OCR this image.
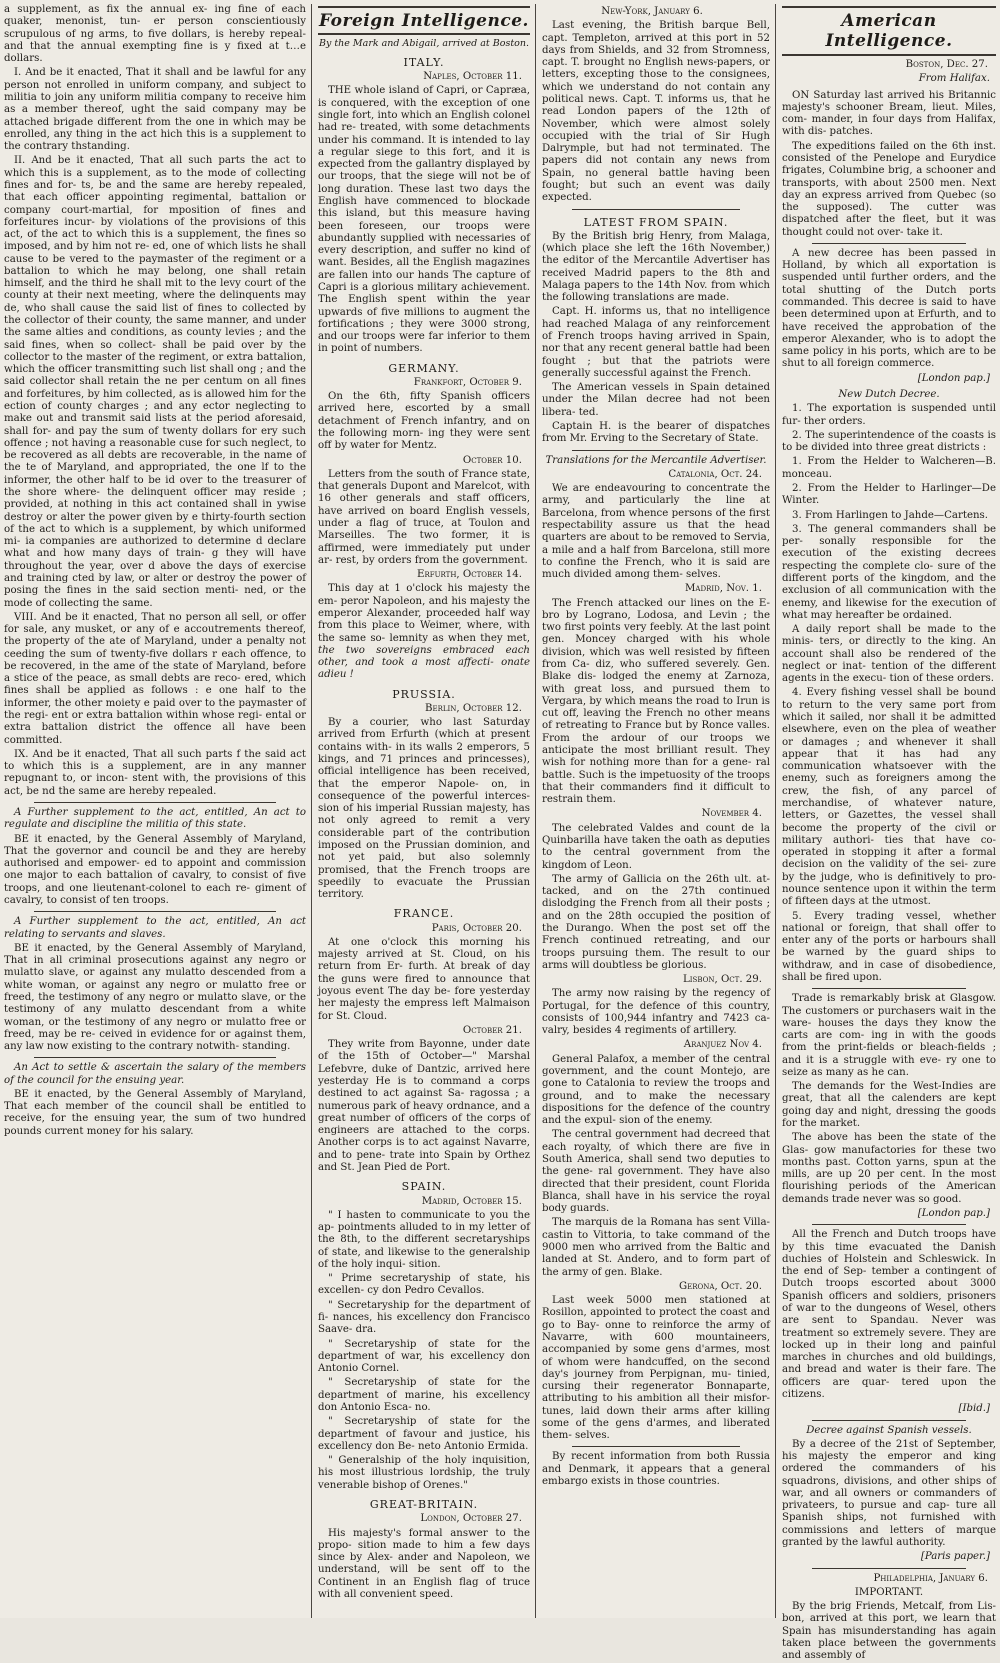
a supplement, as fix the annual ex- ing fine of each quaker, menonist, tun- er person conscientiously scrupulous of ng arms, to five dollars, is hereby repeal- and that the annual exempting fine is y fixed at t…e dollars.

I. And be it enacted, That it shall and be lawful for any person not enrolled in uniform company, and subject to militia to join any uniform militia company to receive him as a member thereof, ught the said company may be attached brigade different from the one in which may be enrolled, any thing in the act hich this is a supplement to the contrary thstanding.

II. And be it enacted, That all such parts the act to which this is a supplement, as to the mode of collecting fines and for- ts, be and the same are hereby repealed, that each officer appointing regimental, battalion or company court-martial, for mposition of fines and forfeitures incur- by violations of the provisions of this act, of the act to which this is a supplement, the fines so imposed, and by him not re- ed, one of which lists he shall cause to be vered to the paymaster of the regiment or a battalion to which he may belong, one shall retain himself, and the third he shall mit to the levy court of the county at their next meeting, where the delinquents may de, who shall cause the said list of fines to collected by the collector of their county, the same manner, and under the same alties and conditions, as county levies ; and the said fines, when so collect- shall be paid over by the collector to the master of the regiment, or extra battalion, which the officer transmitting such list shall ong ; and the said collector shall retain the ne per centum on all fines and forfeitures, by him collected, as is allowed him for the ection of county charges ; and any ector neglecting to make out and transmit said lists at the period aforesaid, shall for- and pay the sum of twenty dollars for ery such offence ; not having a reasonable cuse for such neglect, to be recovered as all debts are recoverable, in the name of the te of Maryland, and appropriated, the one lf to the informer, the other half to be id over to the treasurer of the shore where- the delinquent officer may reside ; provided, at nothing in this act contained shall in ywise destroy or alter the power given by e thirty-fourth section of the act to which is a supplement, by which uniformed mi- ia companies are authorized to determine d declare what and how many days of train- g they will have throughout the year, over d above the days of exercise and training cted by law, or alter or destroy the power of posing the fines in the said section menti- ned, or the mode of collecting the same.

VIII. And be it enacted, That no person all sell, or offer for sale, any musket, or any of e accoutrements thereof, the property of the ate of Maryland, under a penalty not ceeding the sum of twenty-five dollars r each offence, to be recovered, in the ame of the state of Maryland, before a stice of the peace, as small debts are reco- ered, which fines shall be applied as follows : e one half to the informer, the other moiety e paid over to the paymaster of the regi- ent or extra battalion within whose regi- ental or extra battalion district the offence all have been committed.

IX. And be it enacted, That all such parts f the said act to which this is a supplement, are in any manner repugnant to, or incon- stent with, the provisions of this act, be nd the same are hereby repealed.

A Further supplement to the act, entitled, An act to regulate and discipline the militia of this state.

BE it enacted, by the General Assembly of Maryland, That the governor and council be and they are hereby authorised and empower- ed to appoint and commission one major to each battalion of cavalry, to consist of five troops, and one lieutenant-colonel to each re- giment of cavalry, to consist of ten troops.

A Further supplement to the act, entitled, An act relating to servants and slaves.

BE it enacted, by the General Assembly of Maryland, That in all criminal prosecutions against any negro or mulatto slave, or against any mulatto descended from a white woman, or against any negro or mulatto free or freed, the testimony of any negro or mulatto slave, or the testimony of any mulatto descendant from a white woman, or the testimony of any negro or mulatto free or freed, may be re- ceived in evidence for or against them, any law now existing to the contrary notwith- standing.

An Act to settle & ascertain the salary of the members of the council for the ensuing year.

BE it enacted, by the General Assembly of Maryland, That each member of the council shall be entitled to receive, for the ensuing year, the sum of two hundred pounds current money for his salary.

Foreign Intelligence.
By the Mark and Abigail, arrived at Boston.
ITALY.
Naples, October 11.

THE whole island of Capri, or Capræa, is conquered, with the exception of one single fort, into which an English colonel had re- treated, with some detachments under his command. It is intended to lay a regular siege to this fort, and it is expected from the gallantry displayed by our troops, that the siege will not be of long duration. These last two days the English have commenced to blockade this island, but this measure having been foreseen, our troops were abundantly supplied with necessaries of every description, and suffer no kind of want. Besides, all the English magazines are fallen into our hands The capture of Capri is a glorious military achievement. The English spent within the year upwards of five millions to augment the fortifications ; they were 3000 strong, and our troops were far inferior to them in point of numbers.

GERMANY.
Frankfort, October 9.

On the 6th, fifty Spanish officers arrived here, escorted by a small detachment of French infantry, and on the following morn- ing they were sent off by water for Mentz.

October 10.

Letters from the south of France state, that generals Dupont and Marelcot, with 16 other generals and staff officers, have arrived on board English vessels, under a flag of truce, at Toulon and Marseilles. The two former, it is affirmed, were immediately put under ar- rest, by orders from the government.

Erfurth, October 14.

This day at 1 o'clock his majesty the em- peror Napoleon, and his majesty the emperor Alexander, proceeded half way from this place to Weimer, where, with the same so- lemnity as when they met, the two sovereigns embraced each other, and took a most affecti- onate adieu !

PRUSSIA.
Berlin, October 12.

By a courier, who last Saturday arrived from Erfurth (which at present contains with- in its walls 2 emperors, 5 kings, and 71 princes and princesses), official intelligence has been received, that the emperor Napole- on, in consequence of the powerful interces- sion of his imperial Russian majesty, has not only agreed to remit a very considerable part of the contribution imposed on the Prussian dominion, and not yet paid, but also solemnly promised, that the French troops are speedily to evacuate the Prussian territory.

FRANCE.
Paris, October 20.

At one o'clock this morning his majesty arrived at St. Cloud, on his return from Er- furth. At break of day the guns were fired to announce that joyous event The day be- fore yesterday her majesty the empress left Malmaison for St. Cloud.

October 21.

They write from Bayonne, under date of the 15th of October—" Marshal Lefebvre, duke of Dantzic, arrived here yesterday He is to command a corps destined to act against Sa- ragossa ; a numerous park of heavy ordnance, and a great number of officers of the corps of engineers are attached to the corps. Another corps is to act against Navarre, and to pene- trate into Spain by Orthez and St. Jean Pied de Port.

SPAIN.
Madrid, October 15.

" I hasten to communicate to you the ap- pointments alluded to in my letter of the 8th, to the different secretaryships of state, and likewise to the generalship of the holy inqui- sition.

" Prime secretaryship of state, his excellen- cy don Pedro Cevallos.

" Secretaryship for the department of fi- nances, his excellency don Francisco Saave- dra.

" Secretaryship of state for the department of war, his excellency don Antonio Cornel.

" Secretaryship of state for the department of marine, his excellency don Antonio Esca- no.

" Secretaryship of state for the department of favour and justice, his excellency don Be- neto Antonio Ermida.

" Generalship of the holy inquisition, his most illustrious lordship, the truly venerable bishop of Orenes."

GREAT-BRITAIN.
London, October 27.

His majesty's formal answer to the propo- sition made to him a few days since by Alex- ander and Napoleon, we understand, will be sent off to the Continent in an English flag of truce with all convenient speed.

New-York, January 6.

Last evening, the British barque Bell, capt. Templeton, arrived at this port in 52 days from Shields, and 32 from Stromness, capt. T. brought no English news-papers, or letters, excepting those to the consignees, which we understand do not contain any political news. Capt. T. informs us, that he read London papers of the 12th of November, which were almost solely occupied with the trial of Sir Hugh Dalrymple, but had not terminated. The papers did not contain any news from Spain, no general battle having been fought; but such an event was daily expected.

LATEST FROM SPAIN.

By the British brig Henry, from Malaga, (which place she left the 16th November,) the editor of the Mercantile Advertiser has received Madrid papers to the 8th and Malaga papers to the 14th Nov. from which the following translations are made.

Capt. H. informs us, that no intelligence had reached Malaga of any reinforcement of French troops having arrived in Spain, nor that any recent general battle had been fought ; but that the patriots were generally successful against the French.

The American vessels in Spain detained under the Milan decree had not been libera- ted.

Captain H. is the bearer of dispatches from Mr. Erving to the Secretary of State.

Translations for the Mercantile Advertiser.
Catalonia, Oct. 24.

We are endeavouring to concentrate the army, and particularly the line at Barcelona, from whence persons of the first respectability assure us that the head quarters are about to be removed to Servia, a mile and a half from Barcelona, still more to confine the French, who it is said are much divided among them- selves.

Madrid, Nov. 1.

The French attacked our lines on the E- bro by Lograno, Lodosa, and Levin ; the two first points very feebly. At the last point gen. Moncey charged with his whole division, which was well resisted by fifteen from Ca- diz, who suffered severely. Gen. Blake dis- lodged the enemy at Zarnoza, with great loss, and pursued them to Vergara, by which means the road to Irun is cut off, leaving the French no other means of retreating to France but by Ronce valles. From the ardour of our troops we anticipate the most brilliant result. They wish for nothing more than for a gene- ral battle. Such is the impetuosity of the troops that their commanders find it difficult to restrain them.

November 4.

The celebrated Valdes and count de la Quinbarilla have taken the oath as deputies to the central government from the kingdom of Leon.

The army of Gallicia on the 26th ult. at- tacked, and on the 27th continued dislodging the French from all their posts ; and on the 28th occupied the position of the Durango. When the post set off the French continued retreating, and our troops pursuing them. The result to our arms will doubtless be glorious.

Lisbon, Oct. 29.

The army now raising by the regency of Portugal, for the defence of this country, consists of 100,944 infantry and 7423 ca- valry, besides 4 regiments of artillery.

Aranjuez Nov 4.

General Palafox, a member of the central government, and the count Montejo, are gone to Catalonia to review the troops and ground, and to make the necessary dispositions for the defence of the country and the expul- sion of the enemy.

The central government had decreed that each royalty, of which there are five in South America, shall send two deputies to the gene- ral government. They have also directed that their president, count Florida Blanca, shall have in his service the royal body guards.

The marquis de la Romana has sent Villa- castin to Vittoria, to take command of the 9000 men who arrived from the Baltic and landed at St. Andero, and to form part of the army of gen. Blake.

Gerona, Oct. 20.

Last week 5000 men stationed at Rosillon, appointed to protect the coast and go to Bay- onne to reinforce the army of Navarre, with 600 mountaineers, accompanied by some gens d'armes, most of whom were handcuffed, on the second day's journey from Perpignan, mu- tinied, cursing their regenerator Bonnaparte, attributing to his ambition all their misfor- tunes, laid down their arms after killing some of the gens d'armes, and liberated them- selves.

By recent information from both Russia and Denmark, it appears that a general embargo exists in those countries.

American Intelligence.
Boston, Dec. 27.
From Halifax.

ON Saturday last arrived his Britannic majesty's schooner Bream, lieut. Miles, com- mander, in four days from Halifax, with dis- patches.

The expeditions failed on the 6th inst. consisted of the Penelope and Eurydice frigates, Columbine brig, a schooner and transports, with about 2500 men. Next day an express arrived from Quebec (so the supposed). The cutter was dispatched after the fleet, but it was thought could not over- take it.

A new decree has been passed in Holland, by which all exportation is suspended until further orders, and the total shutting of the Dutch ports commanded. This decree is said to have been determined upon at Erfurth, and to have received the approbation of the emperor Alexander, who is to adopt the same policy in his ports, which are to be shut to all foreign commerce.

[London pap.]
New Dutch Decree.

1. The exportation is suspended until fur- ther orders.

2. The superintendence of the coasts is to be divided into three great districts :

1. From the Helder to Walcheren—B. monceau.

2. From the Helder to Harlinger—De Winter.

3. From Harlingen to Jahde—Cartens.

3. The general commanders shall be per- sonally responsible for the execution of the existing decrees respecting the complete clo- sure of the different ports of the kingdom, and the exclusion of all communication with the enemy, and likewise for the execution of what may hereafter be ordained.

A daily report shall be made to the minis- ters, or directly to the king. An account shall also be rendered of the neglect or inat- tention of the different agents in the execu- tion of these orders.

4. Every fishing vessel shall be bound to return to the very same port from which it sailed, nor shall it be admitted elsewhere, even on the plea of weather or damages ; and whenever it shall appear that it has had any communication whatsoever with the enemy, such as foreigners among the crew, the fish, of any parcel of merchandise, of whatever nature, letters, or Gazettes, the vessel shall become the property of the civil or military authori- ties that have co-operated in stopping it after a formal decision on the validity of the sei- zure by the judge, who is definitively to pro- nounce sentence upon it within the term of fifteen days at the utmost.

5. Every trading vessel, whether national or foreign, that shall offer to enter any of the ports or harbours shall be warned by the guard ships to withdraw, and in case of disobedience, shall be fired upon.

Trade is remarkably brisk at Glasgow. The customers or purchasers wait in the ware- houses the days they know the carts are com- ing in with the goods from the print-fields or bleach-fields ; and it is a struggle with eve- ry one to seize as many as he can.

The demands for the West-Indies are great, that all the calenders are kept going day and night, dressing the goods for the market.

The above has been the state of the Glas- gow manufactories for these two months past. Cotton yarns, spun at the mills, are up 20 per cent. In the most flourishing periods of the American demands trade never was so good.

[London pap.]

All the French and Dutch troops have by this time evacuated the Danish duchies of Holstein and Schleswick. In the end of Sep- tember a contingent of Dutch troops escorted about 3000 Spanish officers and soldiers, prisoners of war to the dungeons of Wesel, others are sent to Spandau. Never was treatment so extremely severe. They are locked up in their long and painful marches in churches and old buildings, and bread and water is their fare. The officers are quar- tered upon the citizens.

[Ibid.]
Decree against Spanish vessels.

By a decree of the 21st of September, his majesty the emperor and king ordered the commanders of his squadrons, divisions, and other ships of war, and all owners or commanders of privateers, to pursue and cap- ture all Spanish ships, not furnished with commissions and letters of marque granted by the lawful authority.

[Paris paper.]
Philadelphia, January 6.
IMPORTANT.

By the brig Friends, Metcalf, from Lis- bon, arrived at this port, we learn that Spain has misunderstanding has again taken place between the governments and assembly of
